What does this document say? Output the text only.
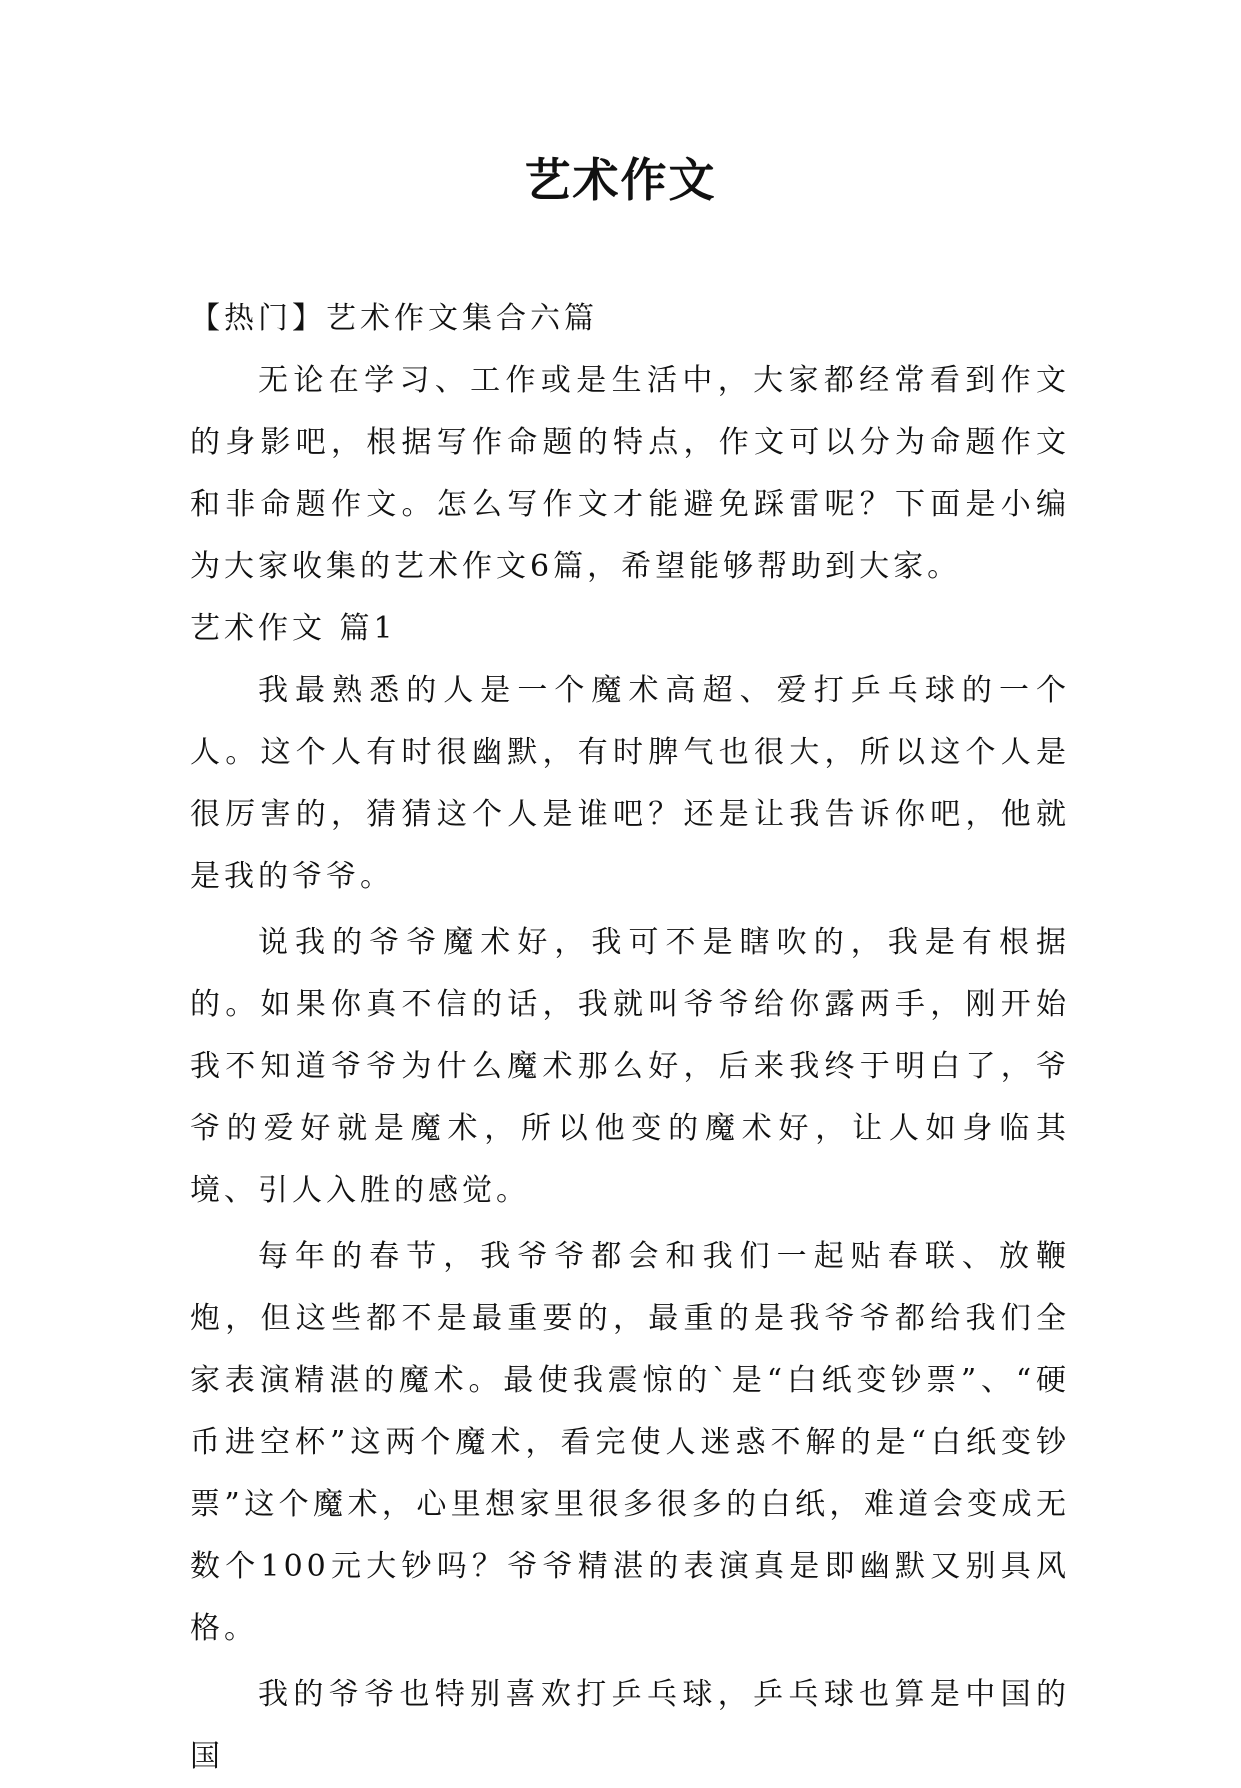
艺术作文

【热门】艺术作文集合六篇

无论在学习、工作或是生活中，大家都经常看到作文的身影吧，根据写作命题的特点，作文可以分为命题作文和非命题作文。怎么写作文才能避免踩雷呢？下面是小编为大家收集的艺术作文6篇，希望能够帮助到大家。

艺术作文 篇1

我最熟悉的人是一个魔术高超、爱打乒乓球的一个人。这个人有时很幽默，有时脾气也很大，所以这个人是很厉害的，猜猜这个人是谁吧？还是让我告诉你吧，他就是我的爷爷。

说我的爷爷魔术好，我可不是瞎吹的，我是有根据的。如果你真不信的话，我就叫爷爷给你露两手，刚开始我不知道爷爷为什么魔术那么好，后来我终于明白了，爷爷的爱好就是魔术，所以他变的魔术好，让人如身临其境、引人入胜的感觉。

每年的春节，我爷爷都会和我们一起贴春联、放鞭炮，但这些都不是最重要的，最重的是我爷爷都给我们全家表演精湛的魔术。最使我震惊的`是“白纸变钞票”、“硬币进空杯”这两个魔术，看完使人迷惑不解的是“白纸变钞票”这个魔术，心里想家里很多很多的白纸，难道会变成无数个100元大钞吗？爷爷精湛的表演真是即幽默又别具风格。

我的爷爷也特别喜欢打乒乓球，乒乓球也算是中国的国
